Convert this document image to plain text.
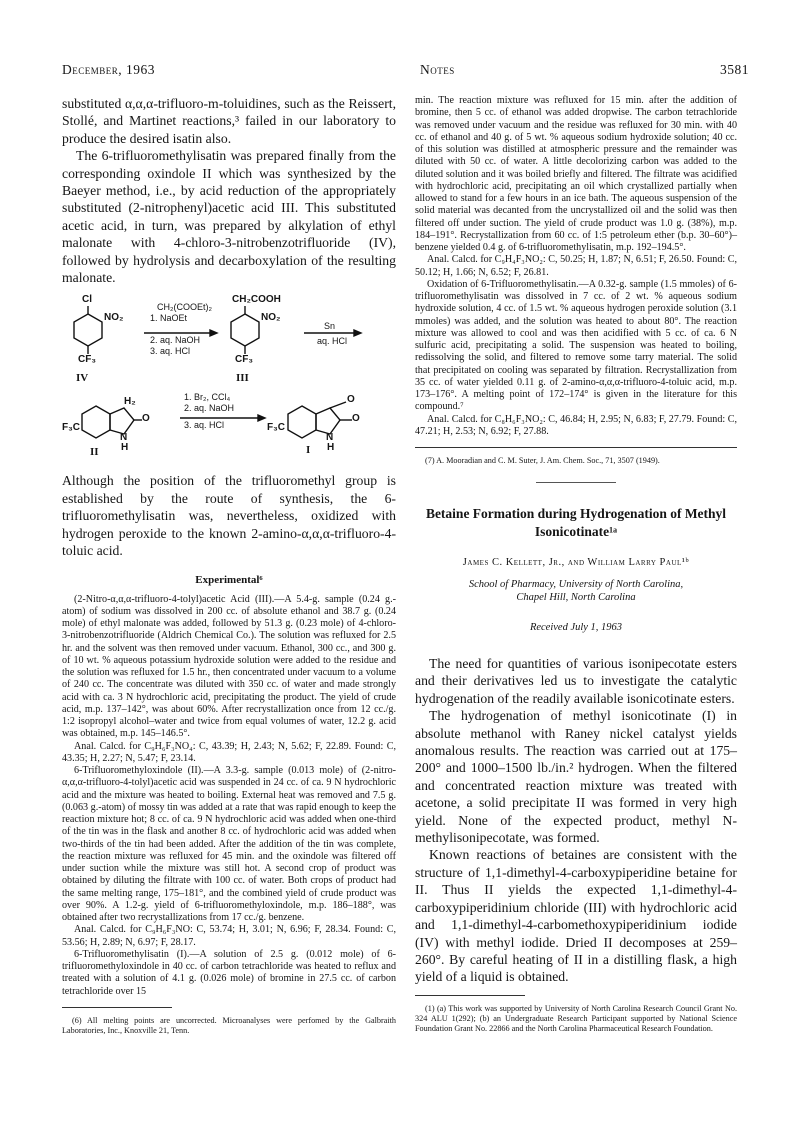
December, 1963	Notes	3581

substituted α,α,α-trifluoro-m-toluidines, such as the Reissert, Stollé, and Martinet reactions,³ failed in our laboratory to produce the desired isatin also.

The 6-trifluoromethylisatin was prepared finally from the corresponding oxindole II which was synthesized by the Baeyer method, i.e., by acid reduction of the appropriately substituted (2-nitrophenyl)acetic acid III. This substituted acetic acid, in turn, was prepared by alkylation of ethyl malonate with 4-chloro-3-nitrobenzotrifluoride (IV), followed by hydrolysis and decarboxylation of the resulting malonate.

Cl
NO₂
CF₃
IV
CH₂(COOEt)₂
1. NaOEt
2. aq. NaOH
3. aq. HCl
CH₂COOH
NO₂
CF₃
III
Sn
aq. HCl
F₃C
H₂
O
N
H
II
1. Br₂, CCl₄
2. aq. NaOH
3. aq. HCl	F₃C
O
O
N
H
I

Although the position of the trifluoromethyl group is established by the route of synthesis, the 6-trifluoromethylisatin was, nevertheless, oxidized with hydrogen peroxide to the known 2-amino-α,α,α-trifluoro-4-toluic acid.

Experimental⁶

(2-Nitro-α,α,α-trifluoro-4-tolyl)acetic Acid (III).—A 5.4-g. sample (0.24 g.-atom) of sodium was dissolved in 200 cc. of absolute ethanol and 38.7 g. (0.24 mole) of ethyl malonate was added, followed by 51.3 g. (0.23 mole) of 4-chloro-3-nitrobenzotrifluoride (Aldrich Chemical Co.). The solution was refluxed for 2.5 hr. and the solvent was then removed under vacuum. Ethanol, 300 cc., and 300 g. of 10 wt. % aqueous potassium hydroxide solution were added to the residue and the solution was refluxed for 1.5 hr., then concentrated under vacuum to a volume of 240 cc. The concentrate was diluted with 350 cc. of water and made strongly acid with ca. 3 N hydrochloric acid, precipitating the product. The yield of crude acid, m.p. 137–142°, was about 60%. After recrystallization once from 12 cc./g. 1:2 isopropyl alcohol–water and twice from equal volumes of water, 12.2 g. acid was obtained, m.p. 145–146.5°.

Anal. Calcd. for C₉H₆F₃NO₄: C, 43.39; H, 2.43; N, 5.62; F, 22.89. Found: C, 43.35; H, 2.27; N, 5.47; F, 23.14.

6-Trifluoromethyloxindole (II).—A 3.3-g. sample (0.013 mole) of (2-nitro-α,α,α-trifluoro-4-tolyl)acetic acid was suspended in 24 cc. of ca. 9 N hydrochloric acid and the mixture was heated to boiling. External heat was removed and 7.5 g. (0.063 g.-atom) of mossy tin was added at a rate that was rapid enough to keep the reaction mixture hot; 8 cc. of ca. 9 N hydrochloric acid was added when one-third of the tin was in the flask and another 8 cc. of hydrochloric acid was added when two-thirds of the tin had been added. After the addition of the tin was complete, the reaction mixture was refluxed for 45 min. and the oxindole was filtered off under suction while the mixture was still hot. A second crop of product was obtained by diluting the filtrate with 100 cc. of water. Both crops of product had the same melting range, 175–181°, and the combined yield of crude product was over 90%. A 1.2-g. yield of 6-trifluoromethyloxindole, m.p. 186–188°, was obtained after two recrystallizations from 17 cc./g. benzene.

Anal. Calcd. for C₉H₆F₃NO: C, 53.74; H, 3.01; N, 6.96; F, 28.34. Found: C, 53.56; H, 2.89; N, 6.97; F, 28.17.

6-Trifluoromethylisatin (I).—A solution of 2.5 g. (0.012 mole) of 6-trifluoromethyloxindole in 40 cc. of carbon tetrachloride was heated to reflux and treated with a solution of 4.1 g. (0.026 mole) of bromine in 27.5 cc. of carbon tetrachloride over 15

(6) All melting points are uncorrected. Microanalyses were perfomed by the Galbraith Laboratories, Inc., Knoxville 21, Tenn.

min. The reaction mixture was refluxed for 15 min. after the addition of bromine, then 5 cc. of ethanol was added dropwise. The carbon tetrachloride was removed under vacuum and the residue was refluxed for 30 min. with 40 cc. of ethanol and 40 g. of 5 wt. % aqueous sodium hydroxide solution; 40 cc. of this solution was distilled at atmospheric pressure and the remainder was diluted with 50 cc. of water. A little decolorizing carbon was added to the diluted solution and it was boiled briefly and filtered. The filtrate was acidified with hydrochloric acid, precipitating an oil which crystallized partially when allowed to stand for a few hours in an ice bath. The aqueous suspension of the solid material was decanted from the uncrystallized oil and the solid was then filtered off under suction. The yield of crude product was 1.0 g. (38%), m.p. 184–191°. Recrystallization from 60 cc. of 1:5 petroleum ether (b.p. 30–60°)–benzene yielded 0.4 g. of 6-trifluoromethylisatin, m.p. 192–194.5°.

Anal. Calcd. for C₉H₄F₃NO₂: C, 50.25; H, 1.87; N, 6.51; F, 26.50. Found: C, 50.12; H, 1.66; N, 6.52; F, 26.81.

Oxidation of 6-Trifluoromethylisatin.—A 0.32-g. sample (1.5 mmoles) of 6-trifluoromethylisatin was dissolved in 7 cc. of 2 wt. % aqueous sodium hydroxide solution, 4 cc. of 1.5 wt. % aqueous hydrogen peroxide solution (3.1 mmoles) was added, and the solution was heated to about 80°. The reaction mixture was allowed to cool and was then acidified with 5 cc. of ca. 6 N sulfuric acid, precipitating a solid. The suspension was heated to boiling, redissolving the solid, and filtered to remove some tarry material. The solid that precipitated on cooling was separated by filtration. Recrystallization from 35 cc. of water yielded 0.11 g. of 2-amino-α,α,α-trifluoro-4-toluic acid, m.p. 173–176°. A melting point of 172–174° is given in the literature for this compound.⁷

Anal. Calcd. for C₈H₆F₃NO₂: C, 46.84; H, 2.95; N, 6.83; F, 27.79. Found: C, 47.21; H, 2.53; N, 6.92; F, 27.88.

(7) A. Mooradian and C. M. Suter, J. Am. Chem. Soc., 71, 3507 (1949).

Betaine Formation during Hydrogenation of Methyl Isonicotinate¹ᵃ

James C. Kellett, Jr., and William Larry Paul¹ᵇ
School of Pharmacy, University of North Carolina,
Chapel Hill, North Carolina
Received July 1, 1963

The need for quantities of various isonipecotate esters and their derivatives led us to investigate the catalytic hydrogenation of the readily available isonicotinate esters.

The hydrogenation of methyl isonicotinate (I) in absolute methanol with Raney nickel catalyst yields anomalous results. The reaction was carried out at 175–200° and 1000–1500 lb./in.² hydrogen. When the filtered and concentrated reaction mixture was treated with acetone, a solid precipitate II was formed in very high yield. None of the expected product, methyl N-methylisonipecotate, was formed.

Known reactions of betaines are consistent with the structure of 1,1-dimethyl-4-carboxypiperidine betaine for II. Thus II yields the expected 1,1-dimethyl-4-carboxypiperidinium chloride (III) with hydrochloric acid and 1,1-dimethyl-4-carbomethoxypiperidinium iodide (IV) with methyl iodide. Dried II decomposes at 259–260°. By careful heating of II in a distilling flask, a high yield of a liquid is obtained.

(1) (a) This work was supported by University of North Carolina Research Council Grant No. 324 ALU 1(292); (b) an Undergraduate Research Participant supported by National Science Foundation Grant No. 22866 and the North Carolina Pharmaceutical Research Foundation.
